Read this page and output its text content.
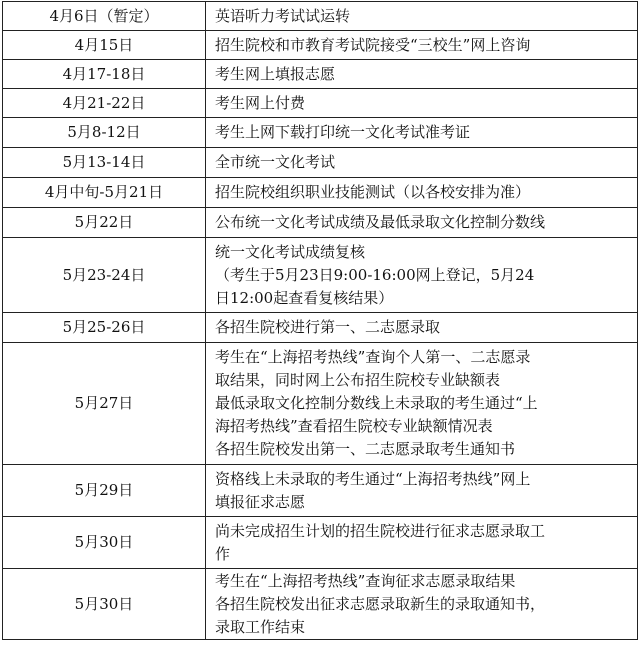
4月6日（暂定）	英语听力考试试运转

4月15日	招生院校和市教育考试院接受“三校生”网上咨询

4月17-18日	考生网上填报志愿

4月21-22日	考生网上付费

5月8-12日	考生上网下载打印统一文化考试准考证

5月13-14日	全市统一文化考试

4月中旬-5月21日	招生院校组织职业技能测试（以各校安排为准）

5月22日	公布统一文化考试成绩及最低录取文化控制分数线

5月23-24日	统一文化考试成绩复核
（考生于5月23日9:00-16:00网上登记，5月24
日12:00起查看复核结果）

5月25-26日	各招生院校进行第一、二志愿录取

5月27日	考生在“上海招考热线”查询个人第一、二志愿录
取结果，同时网上公布招生院校专业缺额表
最低录取文化控制分数线上未录取的考生通过“上
海招考热线”查看招生院校专业缺额情况表
各招生院校发出第一、二志愿录取考生通知书

5月29日	资格线上未录取的考生通过“上海招考热线”网上
填报征求志愿

5月30日	尚未完成招生计划的招生院校进行征求志愿录取工
作

5月30日	考生在“上海招考热线”查询征求志愿录取结果
各招生院校发出征求志愿录取新生的录取通知书，
录取工作结束
